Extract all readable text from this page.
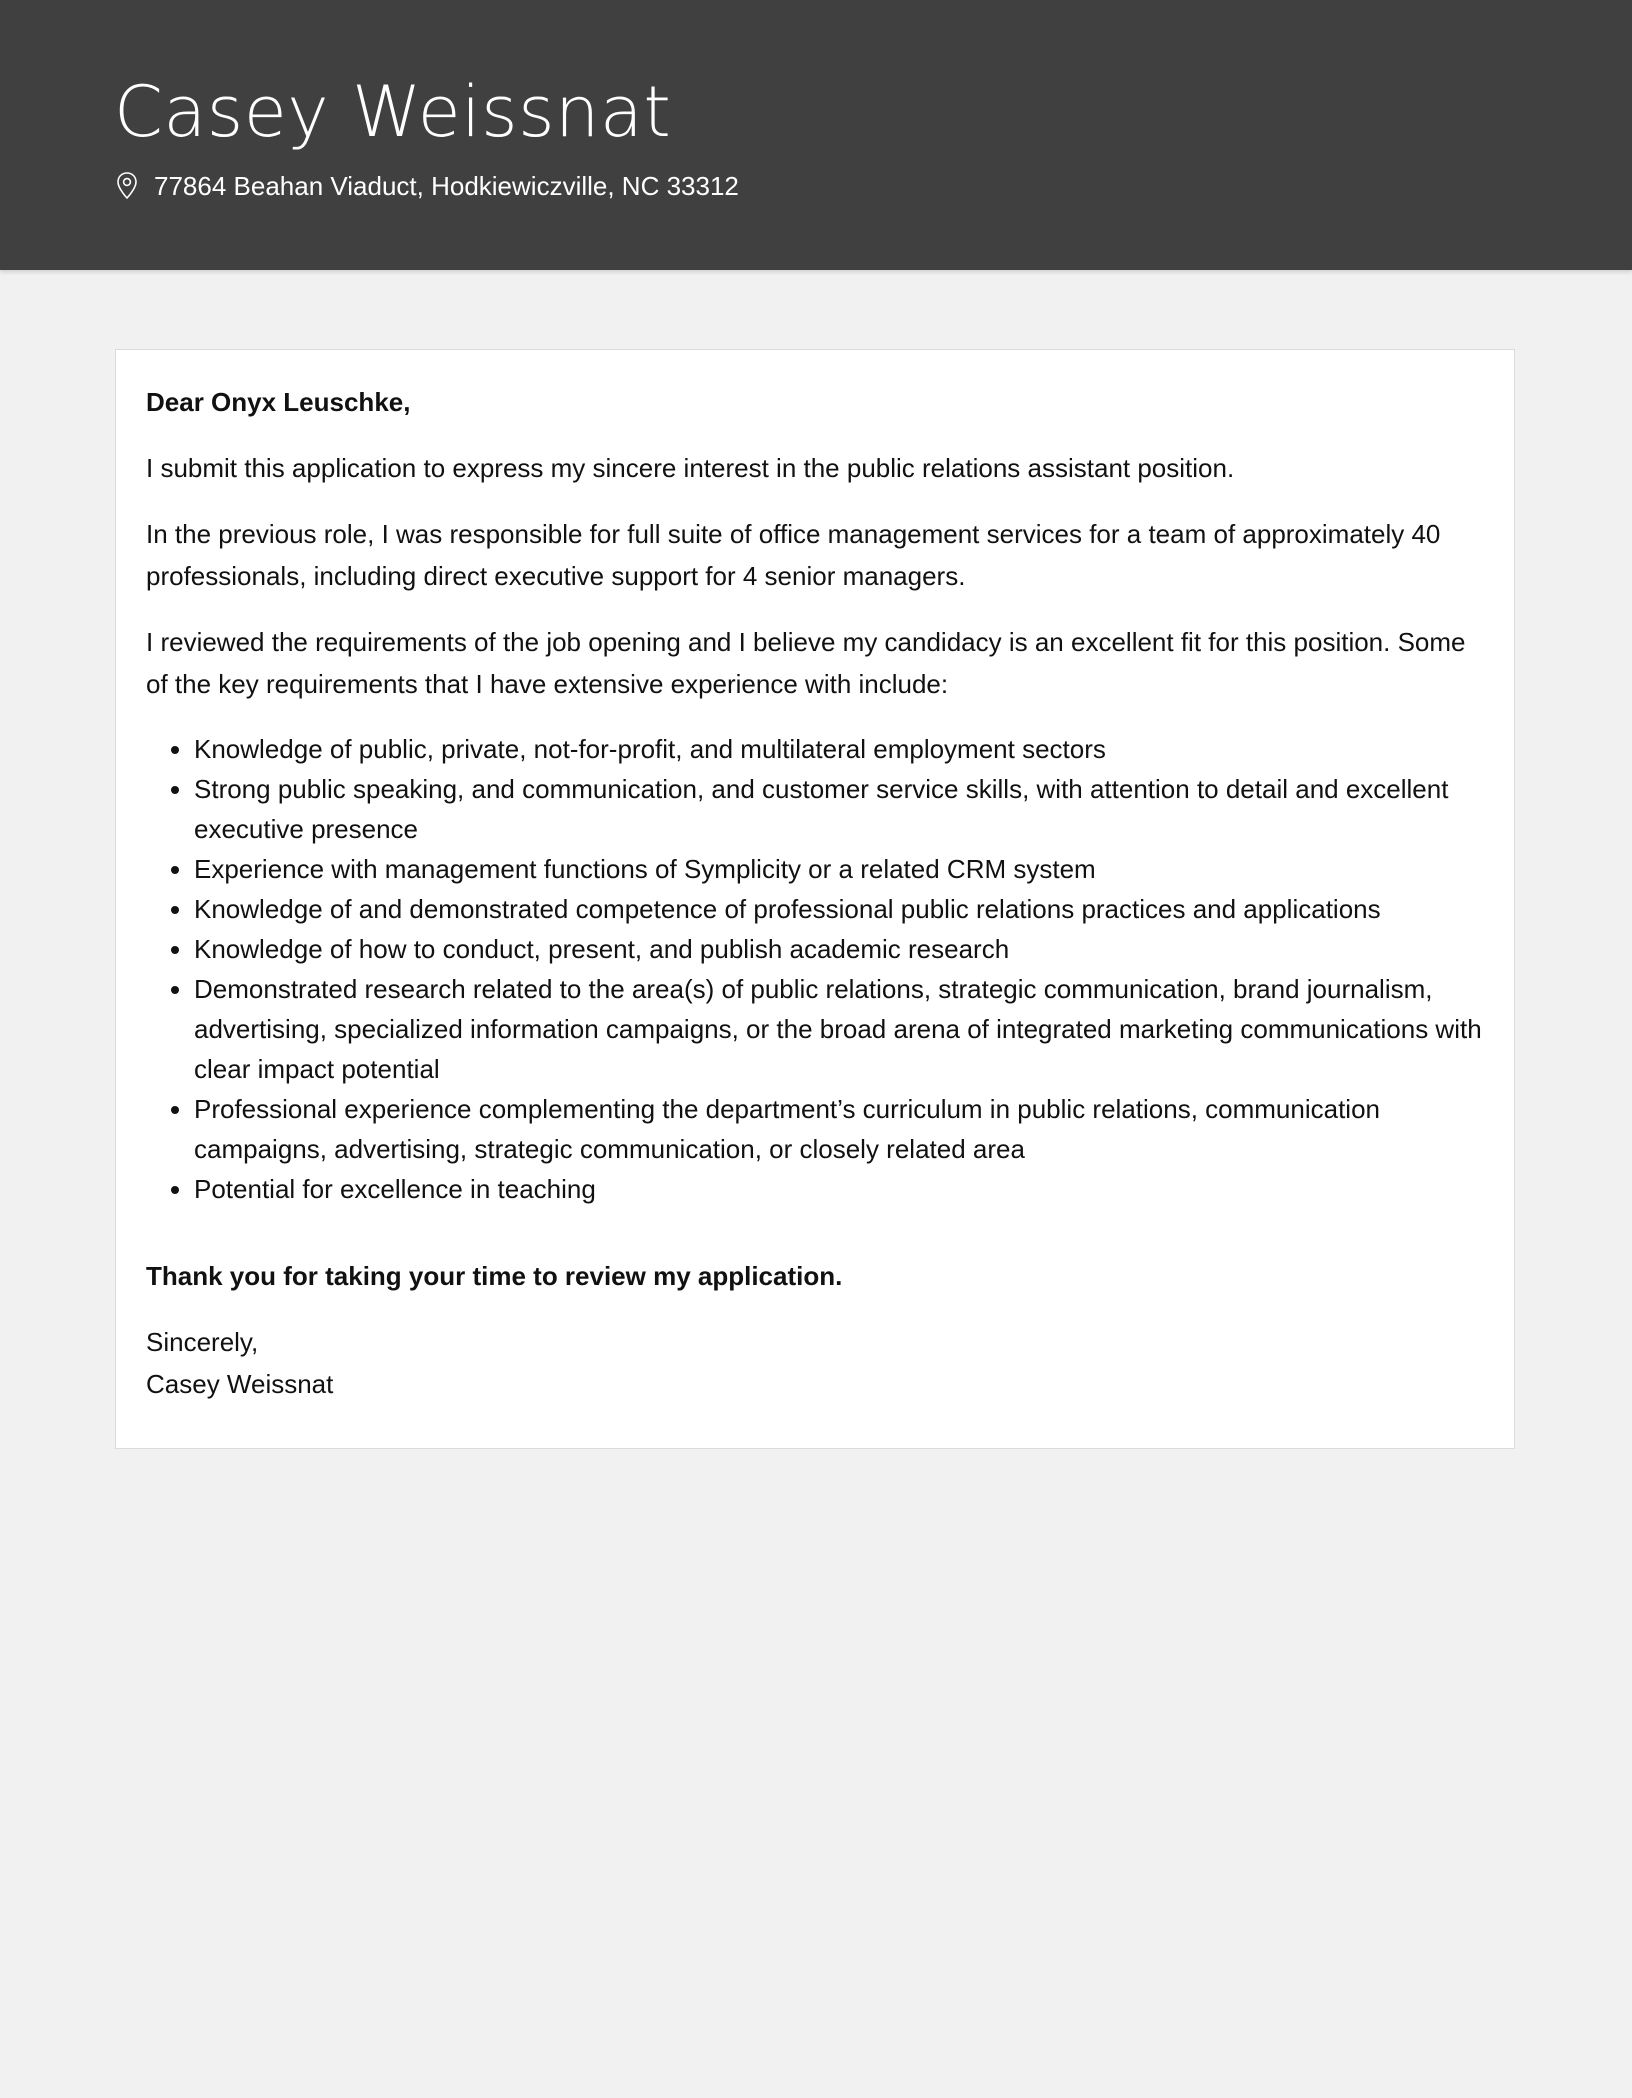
Casey Weissnat
77864 Beahan Viaduct, Hodkiewiczville, NC 33312

Dear Onyx Leuschke,

I submit this application to express my sincere interest in the public relations assistant position.

In the previous role, I was responsible for full suite of office management services for a team of approximately 40 professionals, including direct executive support for 4 senior managers.

I reviewed the requirements of the job opening and I believe my candidacy is an excellent fit for this position. Some of the key requirements that I have extensive experience with include:

• Knowledge of public, private, not-for-profit, and multilateral employment sectors
• Strong public speaking, and communication, and customer service skills, with attention to detail and excellent executive presence
• Experience with management functions of Symplicity or a related CRM system
• Knowledge of and demonstrated competence of professional public relations practices and applications
• Knowledge of how to conduct, present, and publish academic research
• Demonstrated research related to the area(s) of public relations, strategic communication, brand journalism, advertising, specialized information campaigns, or the broad arena of integrated marketing communications with clear impact potential
• Professional experience complementing the department’s curriculum in public relations, communication campaigns, advertising, strategic communication, or closely related area
• Potential for excellence in teaching

Thank you for taking your time to review my application.

Sincerely,
Casey Weissnat
